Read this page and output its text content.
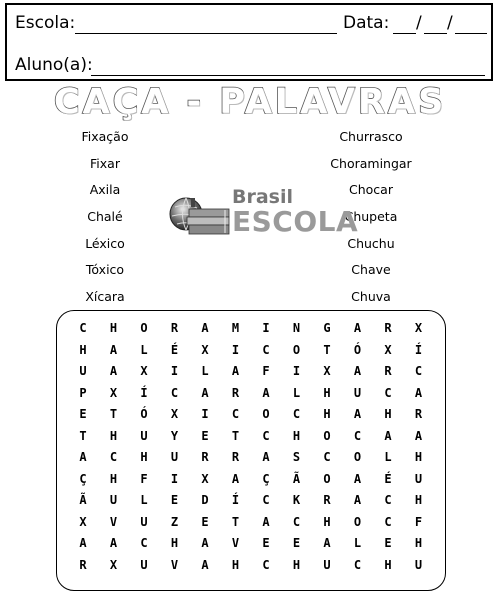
Escola:	Data: / /
Aluno(a):
CAÇA - PALAVRAS
Fixação
Fixar
Axila
Chalé
Léxico
Tóxico
Xícara
Churrasco
Choramingar
Chocar
Chupeta
Chuchu
Chave
Chuva
Brasil
ESCOLA
C	H	O	R	A	M	I	N	G	A	R	X
H	A	L	É	X	I	C	O	T	Ó	X	Í
U	A	X	I	L	A	F	I	X	A	R	C
P	X	Í	C	A	R	A	L	H	U	C	A
E	T	Ó	X	I	C	O	C	H	A	H	R
T	H	U	Y	E	T	C	H	O	C	A	A
A	C	H	U	R	R	A	S	C	O	L	H
Ç	H	F	I	X	A	Ç	Ã	O	A	É	U
Ã	U	L	E	D	Í	C	K	R	A	C	H
X	V	U	Z	E	T	A	C	H	O	C	F
A	A	C	H	A	V	E	E	A	L	E	H
R	X	U	V	A	H	C	H	U	C	H	U
